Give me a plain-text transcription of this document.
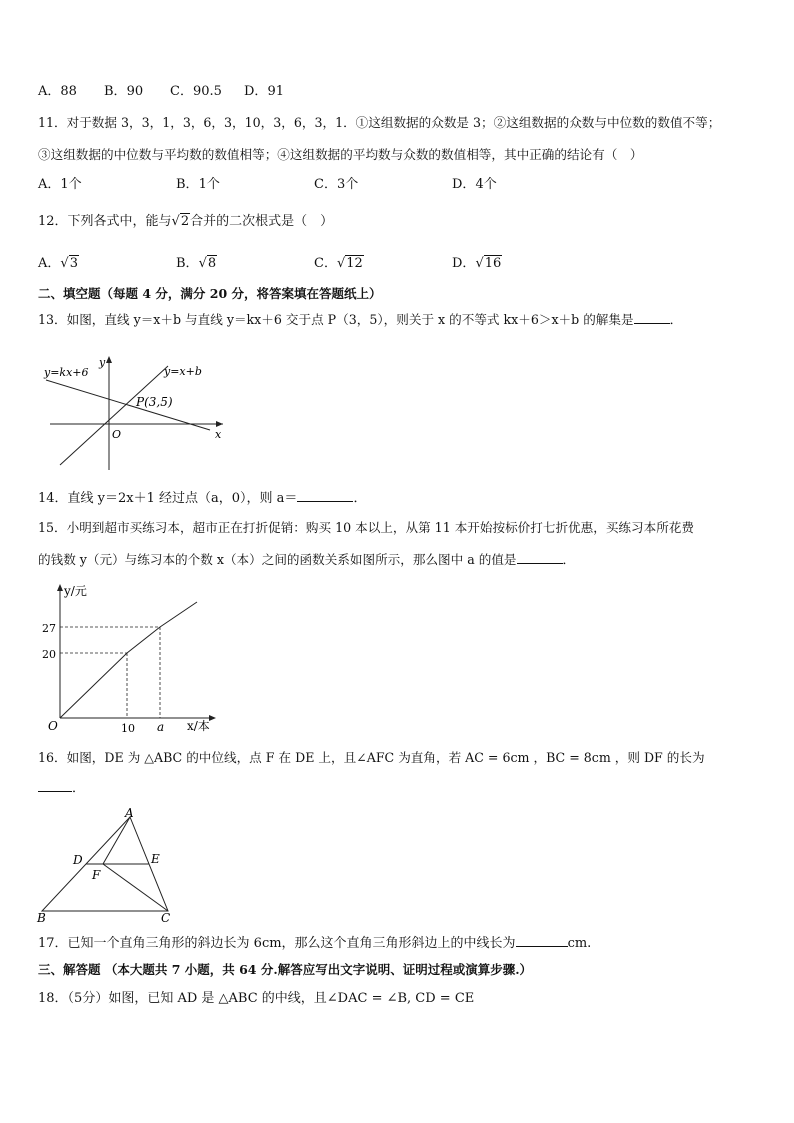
A．88 B．90 C．90.5 D．91
11．对于数据 3，3，1，3，6，3，10，3，6，3，1．①这组数据的众数是 3；②这组数据的众数与中位数的数值不等；
③这组数据的中位数与平均数的数值相等；④这组数据的平均数与众数的数值相等，其中正确的结论有（　）
A．1个	B．1个	C．3个	D．4个
12．下列各式中，能与√2合并的二次根式是（　）
A．√3	B．√8	C．√12	D．√16
二、填空题（每题 4 分，满分 20 分，将答案填在答题纸上）
13．如图，直线 y＝x＋b 与直线 y＝kx＋6 交于点 P（3，5），则关于 x 的不等式 kx＋6＞x＋b 的解集是	．
y=kx+6	y=x+b
P(3,5)
O	x
y
14．直线 y＝2x＋1 经过点（a，0），则 a＝	．
15．小明到超市买练习本，超市正在打折促销：购买 10 本以上，从第 11 本开始按标价打七折优惠，买练习本所花费
的钱数 y（元）与练习本的个数 x（本）之间的函数关系如图所示，那么图中 a 的值是	．
y/元
x/本
27
20
10 a
O
16．如图，DE 为 △ABC 的中位线，点 F 在 DE 上，且∠AFC 为直角，若 AC = 6cm ，BC = 8cm ，则 DF 的长为
．
A
B	C
D	E
F
17．已知一个直角三角形的斜边长为 6cm，那么这个直角三角形斜边上的中线长为	cm.
三、解答题 （本大题共 7 小题，共 64 分.解答应写出文字说明、证明过程或演算步骤.）
18．（5分）如图，已知 AD 是 △ABC 的中线，且∠DAC = ∠B, CD = CE
